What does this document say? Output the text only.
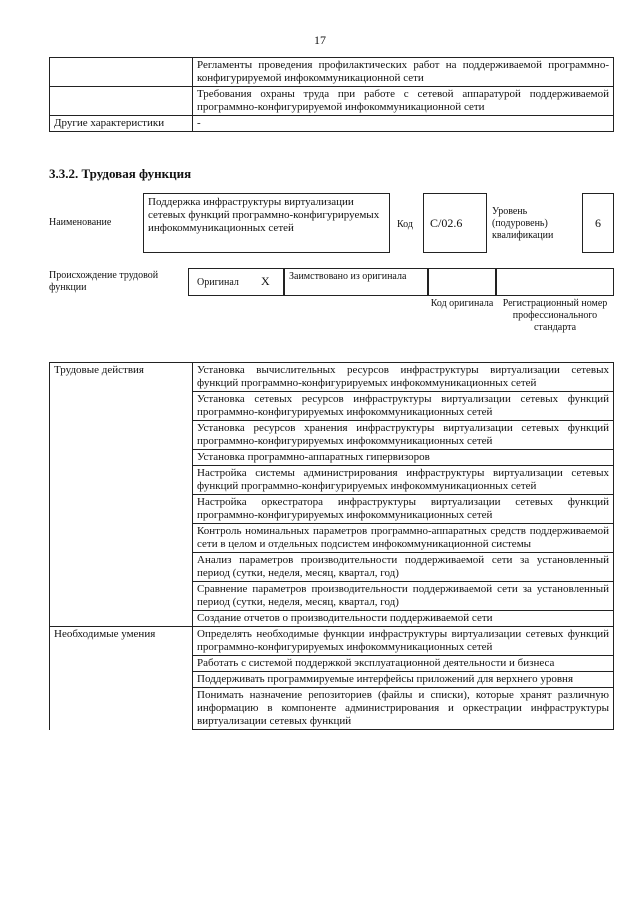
17
	Регламенты проведения профилактических работ на поддерживаемой программно-конфигурируемой инфокоммуникационной сети
	Требования охраны труда при работе с сетевой аппаратурой поддерживаемой программно-конфигурируемой инфокоммуникационной сети
Другие характеристики	-
3.3.2. Трудовая функция
Наименование
Поддержка инфраструктуры виртуализации сетевых функций программно-конфигурируемых инфокоммуникационных сетей	Код	C/02.6
Уровень (подуровень) квалификации
6
Происхождение трудовой функции	Оригинал X	Заимствовано из оригинала
Код оригинала Регистрационный номер профессионального стандарта
Трудовые действия	Установка вычислительных ресурсов инфраструктуры виртуализации сетевых функций программно-конфигурируемых инфокоммуникационных сетей
	Установка сетевых ресурсов инфраструктуры виртуализации сетевых функций программно-конфигурируемых инфокоммуникационных сетей
	Установка ресурсов хранения инфраструктуры виртуализации сетевых функций программно-конфигурируемых инфокоммуникационных сетей
	Установка программно-аппаратных гипервизоров
	Настройка системы администрирования инфраструктуры виртуализации сетевых функций программно-конфигурируемых инфокоммуникационных сетей
	Настройка оркестратора инфраструктуры виртуализации сетевых функций программно-конфигурируемых инфокоммуникационных сетей
	Контроль номинальных параметров программно-аппаратных средств поддерживаемой сети в целом и отдельных подсистем инфокоммуникационной системы
	Анализ параметров производительности поддерживаемой сети за установленный период (сутки, неделя, месяц, квартал, год)
	Сравнение параметров производительности поддерживаемой сети за установленный период (сутки, неделя, месяц, квартал, год)
	Создание отчетов о производительности поддерживаемой сети
Необходимые умения	Определять необходимые функции инфраструктуры виртуализации сетевых функций программно-конфигурируемых инфокоммуникационных сетей
	Работать с системой поддержкой эксплуатационной деятельности и бизнеса
	Поддерживать программируемые интерфейсы приложений для верхнего уровня
	Понимать назначение репозиториев (файлы и списки), которые хранят различную информацию в компоненте администрирования и оркестрации инфраструктуры виртуализации сетевых функций
